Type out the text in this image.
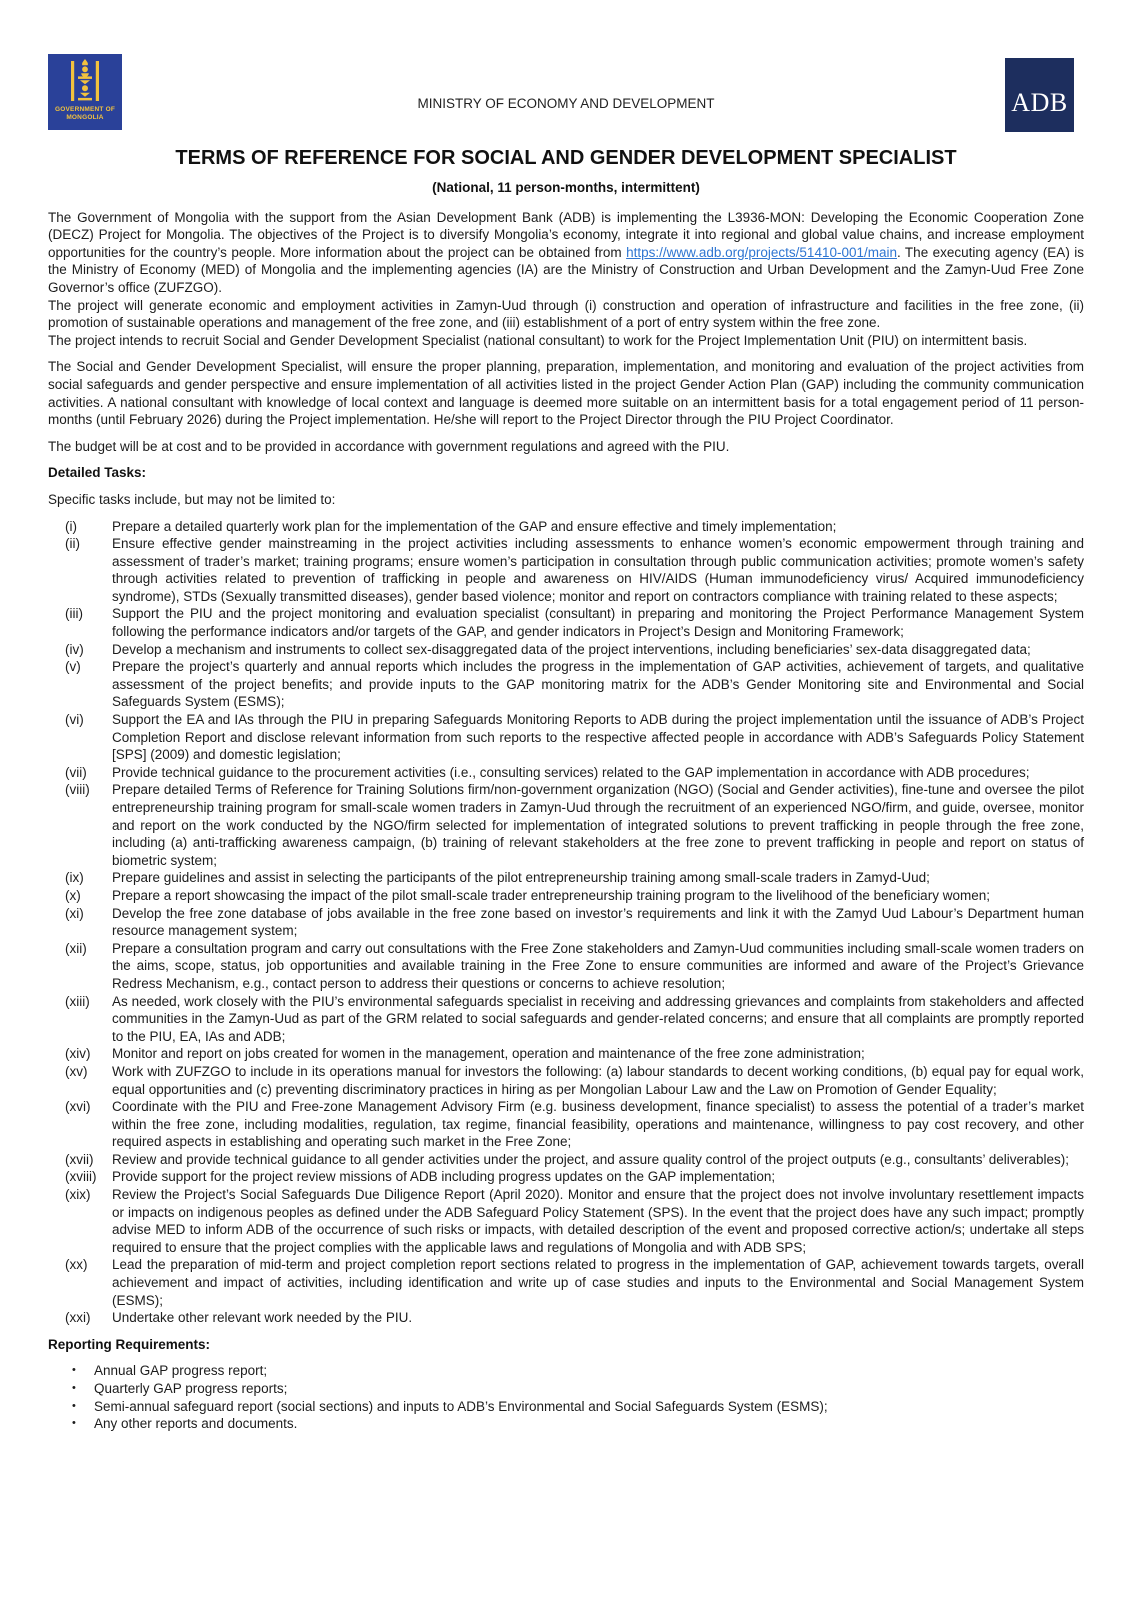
GOVERNMENT OF
MONGOLIA
MINISTRY OF ECONOMY AND DEVELOPMENT	ADB
TERMS OF REFERENCE FOR SOCIAL AND GENDER DEVELOPMENT SPECIALIST
(National, 11 person-months, intermittent)

The Government of Mongolia with the support from the Asian Development Bank (ADB) is implementing the L3936-MON: Developing the Economic Cooperation Zone (DECZ) Project for Mongolia. The objectives of the Project is to diversify Mongolia’s economy, integrate it into regional and global value chains, and increase employment opportunities for the country’s people. More information about the project can be obtained from https://www.adb.org/projects/51410-001/main. The executing agency (EA) is the Ministry of Economy (MED) of Mongolia and the implementing agencies (IA) are the Ministry of Construction and Urban Development and the Zamyn-Uud Free Zone Governor’s office (ZUFZGO).

The project will generate economic and employment activities in Zamyn-Uud through (i) construction and operation of infrastructure and facilities in the free zone, (ii) promotion of sustainable operations and management of the free zone, and (iii) establishment of a port of entry system within the free zone.

The project intends to recruit Social and Gender Development Specialist (national consultant) to work for the Project Implementation Unit (PIU) on intermittent basis.

The Social and Gender Development Specialist, will ensure the proper planning, preparation, implementation, and monitoring and evaluation of the project activities from social safeguards and gender perspective and ensure implementation of all activities listed in the project Gender Action Plan (GAP) including the community communication activities. A national consultant with knowledge of local context and language is deemed more suitable on an intermittent basis for a total engagement period of 11 person-months (until February 2026) during the Project implementation. He/she will report to the Project Director through the PIU Project Coordinator.

The budget will be at cost and to be provided in accordance with government regulations and agreed with the PIU.

Detailed Tasks:

Specific tasks include, but may not be limited to:

(i)	Prepare a detailed quarterly work plan for the implementation of the GAP and ensure effective and timely implementation;
(ii)	Ensure effective gender mainstreaming in the project activities including assessments to enhance women’s economic empowerment through training and assessment of trader’s market; training programs; ensure women’s participation in consultation through public communication activities; promote women’s safety through activities related to prevention of trafficking in people and awareness on HIV/AIDS (Human immunodeficiency virus/ Acquired immunodeficiency syndrome), STDs (Sexually transmitted diseases), gender based violence; monitor and report on contractors compliance with training related to these aspects;
(iii)	Support the PIU and the project monitoring and evaluation specialist (consultant) in preparing and monitoring the Project Performance Management System following the performance indicators and/or targets of the GAP, and gender indicators in Project’s Design and Monitoring Framework;
(iv)	Develop a mechanism and instruments to collect sex-disaggregated data of the project interventions, including beneficiaries’ sex-data disaggregated data;
(v)	Prepare the project’s quarterly and annual reports which includes the progress in the implementation of GAP activities, achievement of targets, and qualitative assessment of the project benefits; and provide inputs to the GAP monitoring matrix for the ADB’s Gender Monitoring site and Environmental and Social Safeguards System (ESMS);
(vi)	Support the EA and IAs through the PIU in preparing Safeguards Monitoring Reports to ADB during the project implementation until the issuance of ADB’s Project Completion Report and disclose relevant information from such reports to the respective affected people in accordance with ADB’s Safeguards Policy Statement [SPS] (2009) and domestic legislation;
(vii)	Provide technical guidance to the procurement activities (i.e., consulting services) related to the GAP implementation in accordance with ADB procedures;
(viii)	Prepare detailed Terms of Reference for Training Solutions firm/non-government organization (NGO) (Social and Gender activities), fine-tune and oversee the pilot entrepreneurship training program for small-scale women traders in Zamyn-Uud through the recruitment of an experienced NGO/firm, and guide, oversee, monitor and report on the work conducted by the NGO/firm selected for implementation of integrated solutions to prevent trafficking in people through the free zone, including (a) anti-trafficking awareness campaign, (b) training of relevant stakeholders at the free zone to prevent trafficking in people and report on status of biometric system;
(ix)	Prepare guidelines and assist in selecting the participants of the pilot entrepreneurship training among small-scale traders in Zamyd-Uud;
(x)	Prepare a report showcasing the impact of the pilot small-scale trader entrepreneurship training program to the livelihood of the beneficiary women;
(xi)	Develop the free zone database of jobs available in the free zone based on investor’s requirements and link it with the Zamyd Uud Labour’s Department human resource management system;
(xii)	Prepare a consultation program and carry out consultations with the Free Zone stakeholders and Zamyn-Uud communities including small-scale women traders on the aims, scope, status, job opportunities and available training in the Free Zone to ensure communities are informed and aware of the Project’s Grievance Redress Mechanism, e.g., contact person to address their questions or concerns to achieve resolution;
(xiii)	As needed, work closely with the PIU’s environmental safeguards specialist in receiving and addressing grievances and complaints from stakeholders and affected communities in the Zamyn-Uud as part of the GRM related to social safeguards and gender-related concerns; and ensure that all complaints are promptly reported to the PIU, EA, IAs and ADB;
(xiv)	Monitor and report on jobs created for women in the management, operation and maintenance of the free zone administration;
(xv)	Work with ZUFZGO to include in its operations manual for investors the following: (a) labour standards to decent working conditions, (b) equal pay for equal work, equal opportunities and (c) preventing discriminatory practices in hiring as per Mongolian Labour Law and the Law on Promotion of Gender Equality;
(xvi)	Coordinate with the PIU and Free-zone Management Advisory Firm (e.g. business development, finance specialist) to assess the potential of a trader’s market within the free zone, including modalities, regulation, tax regime, financial feasibility, operations and maintenance, willingness to pay cost recovery, and other required aspects in establishing and operating such market in the Free Zone;
(xvii)	Review and provide technical guidance to all gender activities under the project, and assure quality control of the project outputs (e.g., consultants’ deliverables);
(xviii)	Provide support for the project review missions of ADB including progress updates on the GAP implementation;
(xix)	Review the Project’s Social Safeguards Due Diligence Report (April 2020). Monitor and ensure that the project does not involve involuntary resettlement impacts or impacts on indigenous peoples as defined under the ADB Safeguard Policy Statement (SPS). In the event that the project does have any such impact; promptly advise MED to inform ADB of the occurrence of such risks or impacts, with detailed description of the event and proposed corrective action/s; undertake all steps required to ensure that the project complies with the applicable laws and regulations of Mongolia and with ADB SPS;
(xx)	Lead the preparation of mid-term and project completion report sections related to progress in the implementation of GAP, achievement towards targets, overall achievement and impact of activities, including identification and write up of case studies and inputs to the Environmental and Social Management System (ESMS);
(xxi)	Undertake other relevant work needed by the PIU.
Reporting Requirements:
•	Annual GAP progress report;
•	Quarterly GAP progress reports;
•	Semi-annual safeguard report (social sections) and inputs to ADB’s Environmental and Social Safeguards System (ESMS);
•	Any other reports and documents.
